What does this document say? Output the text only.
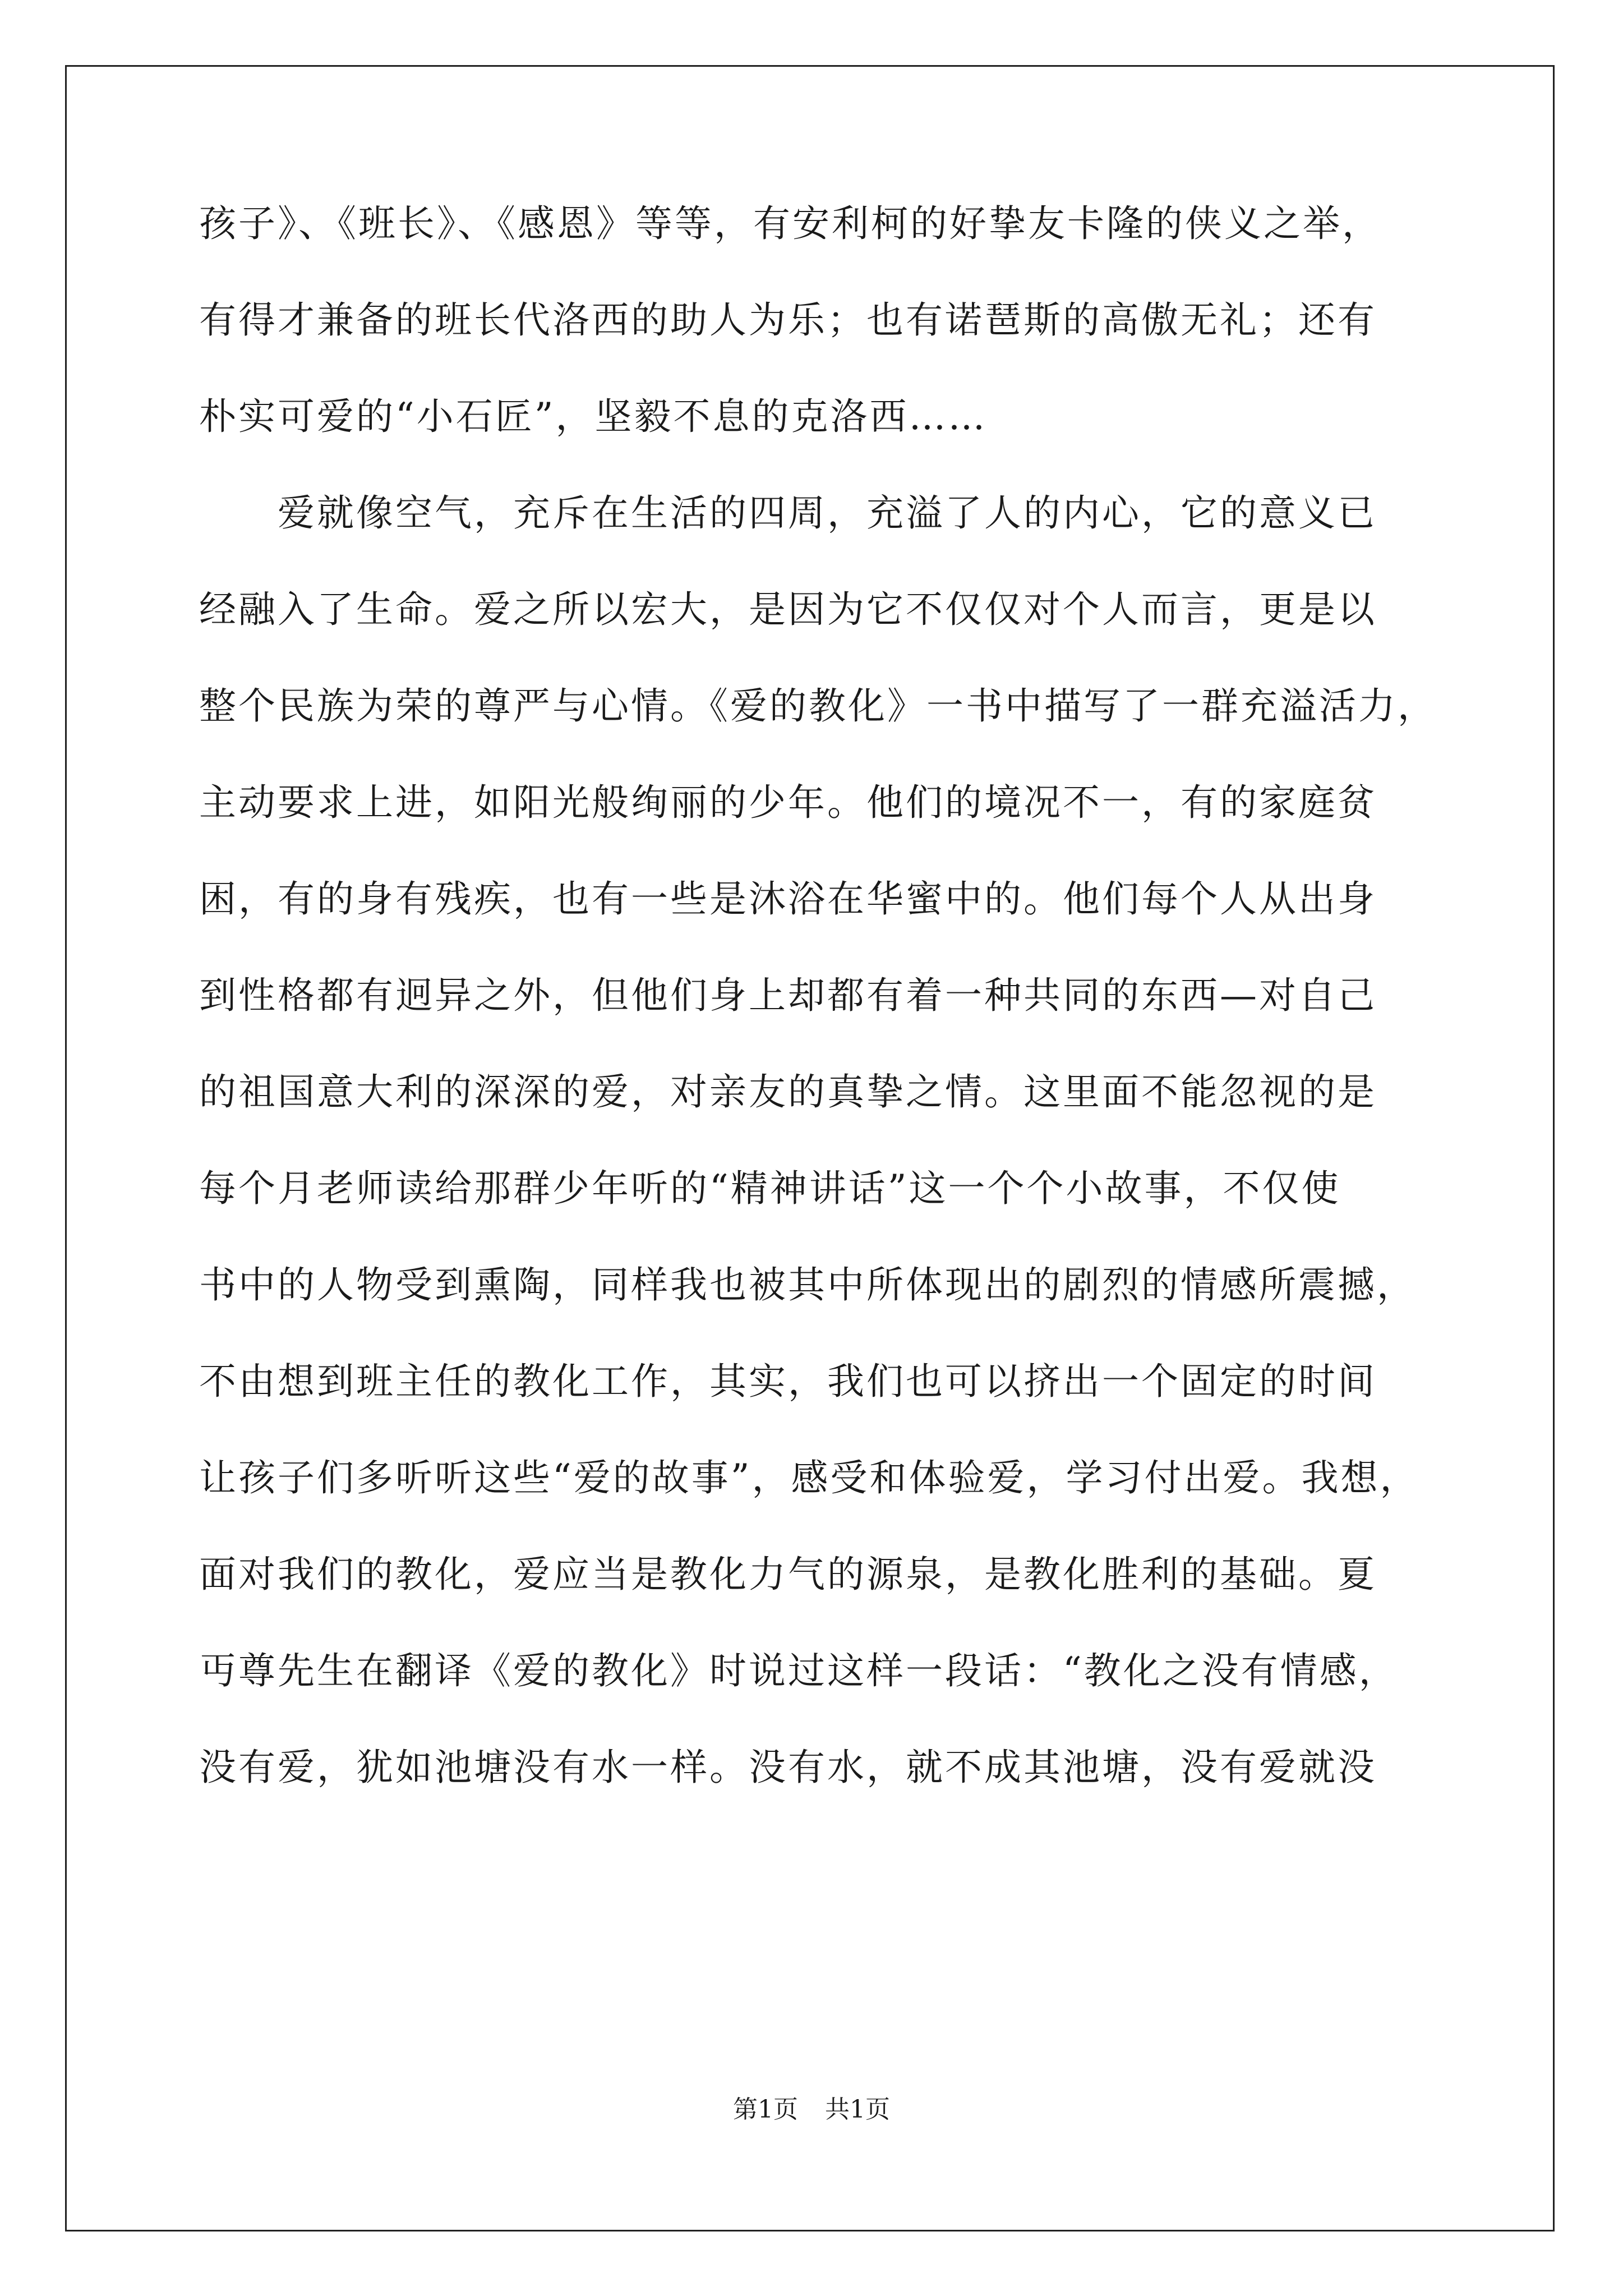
孩子》、《班长》、《感恩》等等，有安利柯的好挚友卡隆的侠义之举，
有得才兼备的班长代洛西的助人为乐；也有诺琶斯的高傲无礼；还有
朴实可爱的“小石匠”，坚毅不息的克洛西……
爱就像空气，充斥在生活的四周，充溢了人的内心，它的意义已
经融入了生命。爱之所以宏大，是因为它不仅仅对个人而言，更是以
整个民族为荣的尊严与心情。《爱的教化》一书中描写了一群充溢活力，
主动要求上进，如阳光般绚丽的少年。他们的境况不一，有的家庭贫
困，有的身有残疾，也有一些是沐浴在华蜜中的。他们每个人从出身
到性格都有迥异之外，但他们身上却都有着一种共同的东西—对自己
的祖国意大利的深深的爱，对亲友的真挚之情。这里面不能忽视的是
每个月老师读给那群少年听的“精神讲话”这一个个小故事，不仅使
书中的人物受到熏陶，同样我也被其中所体现出的剧烈的情感所震撼，
不由想到班主任的教化工作，其实，我们也可以挤出一个固定的时间
让孩子们多听听这些“爱的故事”，感受和体验爱，学习付出爱。我想，
面对我们的教化，爱应当是教化力气的源泉，是教化胜利的基础。夏
丏尊先生在翻译《爱的教化》时说过这样一段话：“教化之没有情感，
没有爱，犹如池塘没有水一样。没有水，就不成其池塘，没有爱就没
第1页 共1页
